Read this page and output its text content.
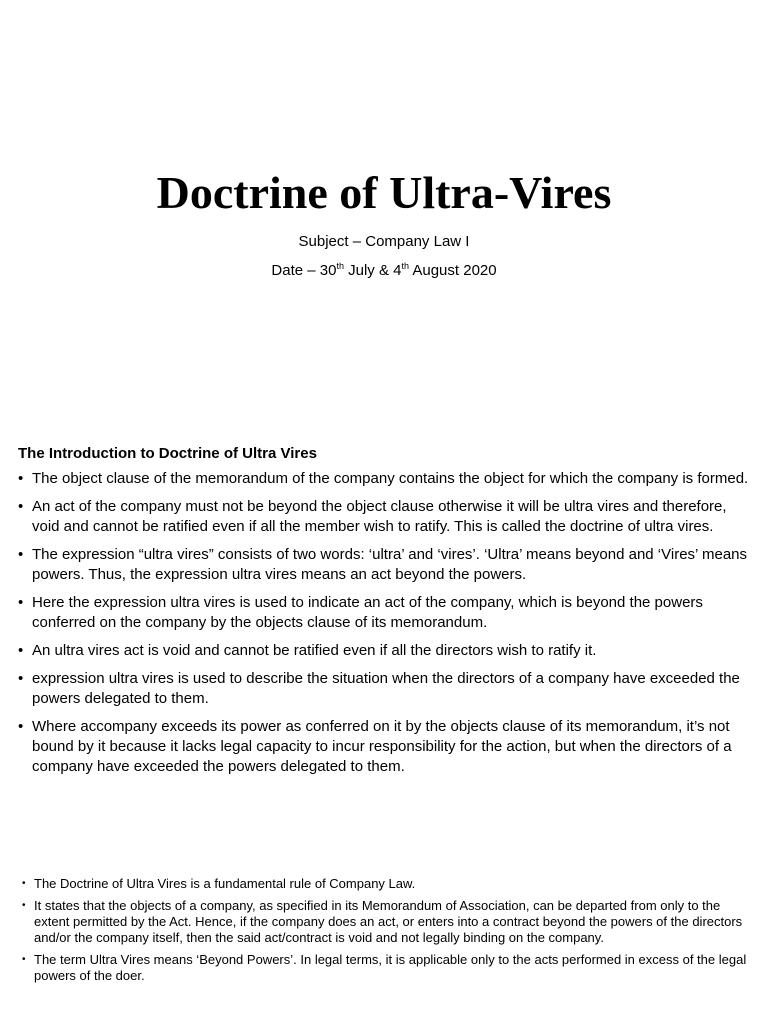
Doctrine of Ultra-Vires

Subject – Company Law I

Date – 30th July & 4th August 2020

The Introduction to Doctrine of Ultra Vires

• The object clause of the memorandum of the company contains the object for which the company is formed.
• An act of the company must not be beyond the object clause otherwise it will be ultra vires and therefore, void and cannot be ratified even if all the member wish to ratify. This is called the doctrine of ultra vires.
• The expression “ultra vires” consists of two words: ‘ultra’ and ‘vires’. ‘Ultra’ means beyond and ‘Vires’ means powers. Thus, the expression ultra vires means an act beyond the powers.
• Here the expression ultra vires is used to indicate an act of the company, which is beyond the powers conferred on the company by the objects clause of its memorandum.
• An ultra vires act is void and cannot be ratified even if all the directors wish to ratify it.
• expression ultra vires is used to describe the situation when the directors of a company have exceeded the powers delegated to them.
• Where accompany exceeds its power as conferred on it by the objects clause of its memorandum, it’s not bound by it because it lacks legal capacity to incur responsibility for the action, but when the directors of a company have exceeded the powers delegated to them.
• The Doctrine of Ultra Vires is a fundamental rule of Company Law.
• It states that the objects of a company, as specified in its Memorandum of Association, can be departed from only to the extent permitted by the Act. Hence, if the company does an act, or enters into a contract beyond the powers of the directors and/or the company itself, then the said act/contract is void and not legally binding on the company.
• The term Ultra Vires means ‘Beyond Powers’. In legal terms, it is applicable only to the acts performed in excess of the legal powers of the doer.
